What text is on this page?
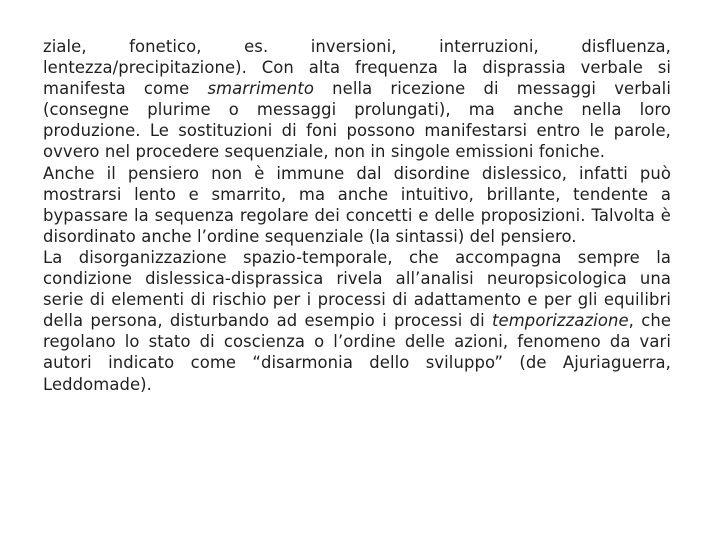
ziale, fonetico, es. inversioni, interruzioni, disfluenza, lentezza/precipitazione). Con alta frequenza la disprassia verbale si manifesta come smarrimento nella ricezione di messaggi verbali (consegne plurime o messaggi prolungati), ma anche nella loro produzione. Le sostituzioni di foni possono manifestarsi entro le parole, ovvero nel procedere sequenziale, non in singole emissioni foniche.

Anche il pensiero non è immune dal disordine dislessico, infatti può mostrarsi lento e smarrito, ma anche intuitivo, brillante, tendente a bypassare la sequenza regolare dei concetti e delle proposizioni. Talvolta è disordinato anche l’ordine sequenziale (la sintassi) del pensiero.

La disorganizzazione spazio-temporale, che accompagna sempre la condizione dislessica-disprassica rivela all’analisi neuropsicologica una serie di elementi di rischio per i processi di adattamento e per gli equilibri della persona, disturbando ad esempio i processi di temporizzazione, che regolano lo stato di coscienza o l’ordine delle azioni, fenomeno da vari autori indicato come “disarmonia dello sviluppo” (de Ajuriaguerra, Leddomade).
